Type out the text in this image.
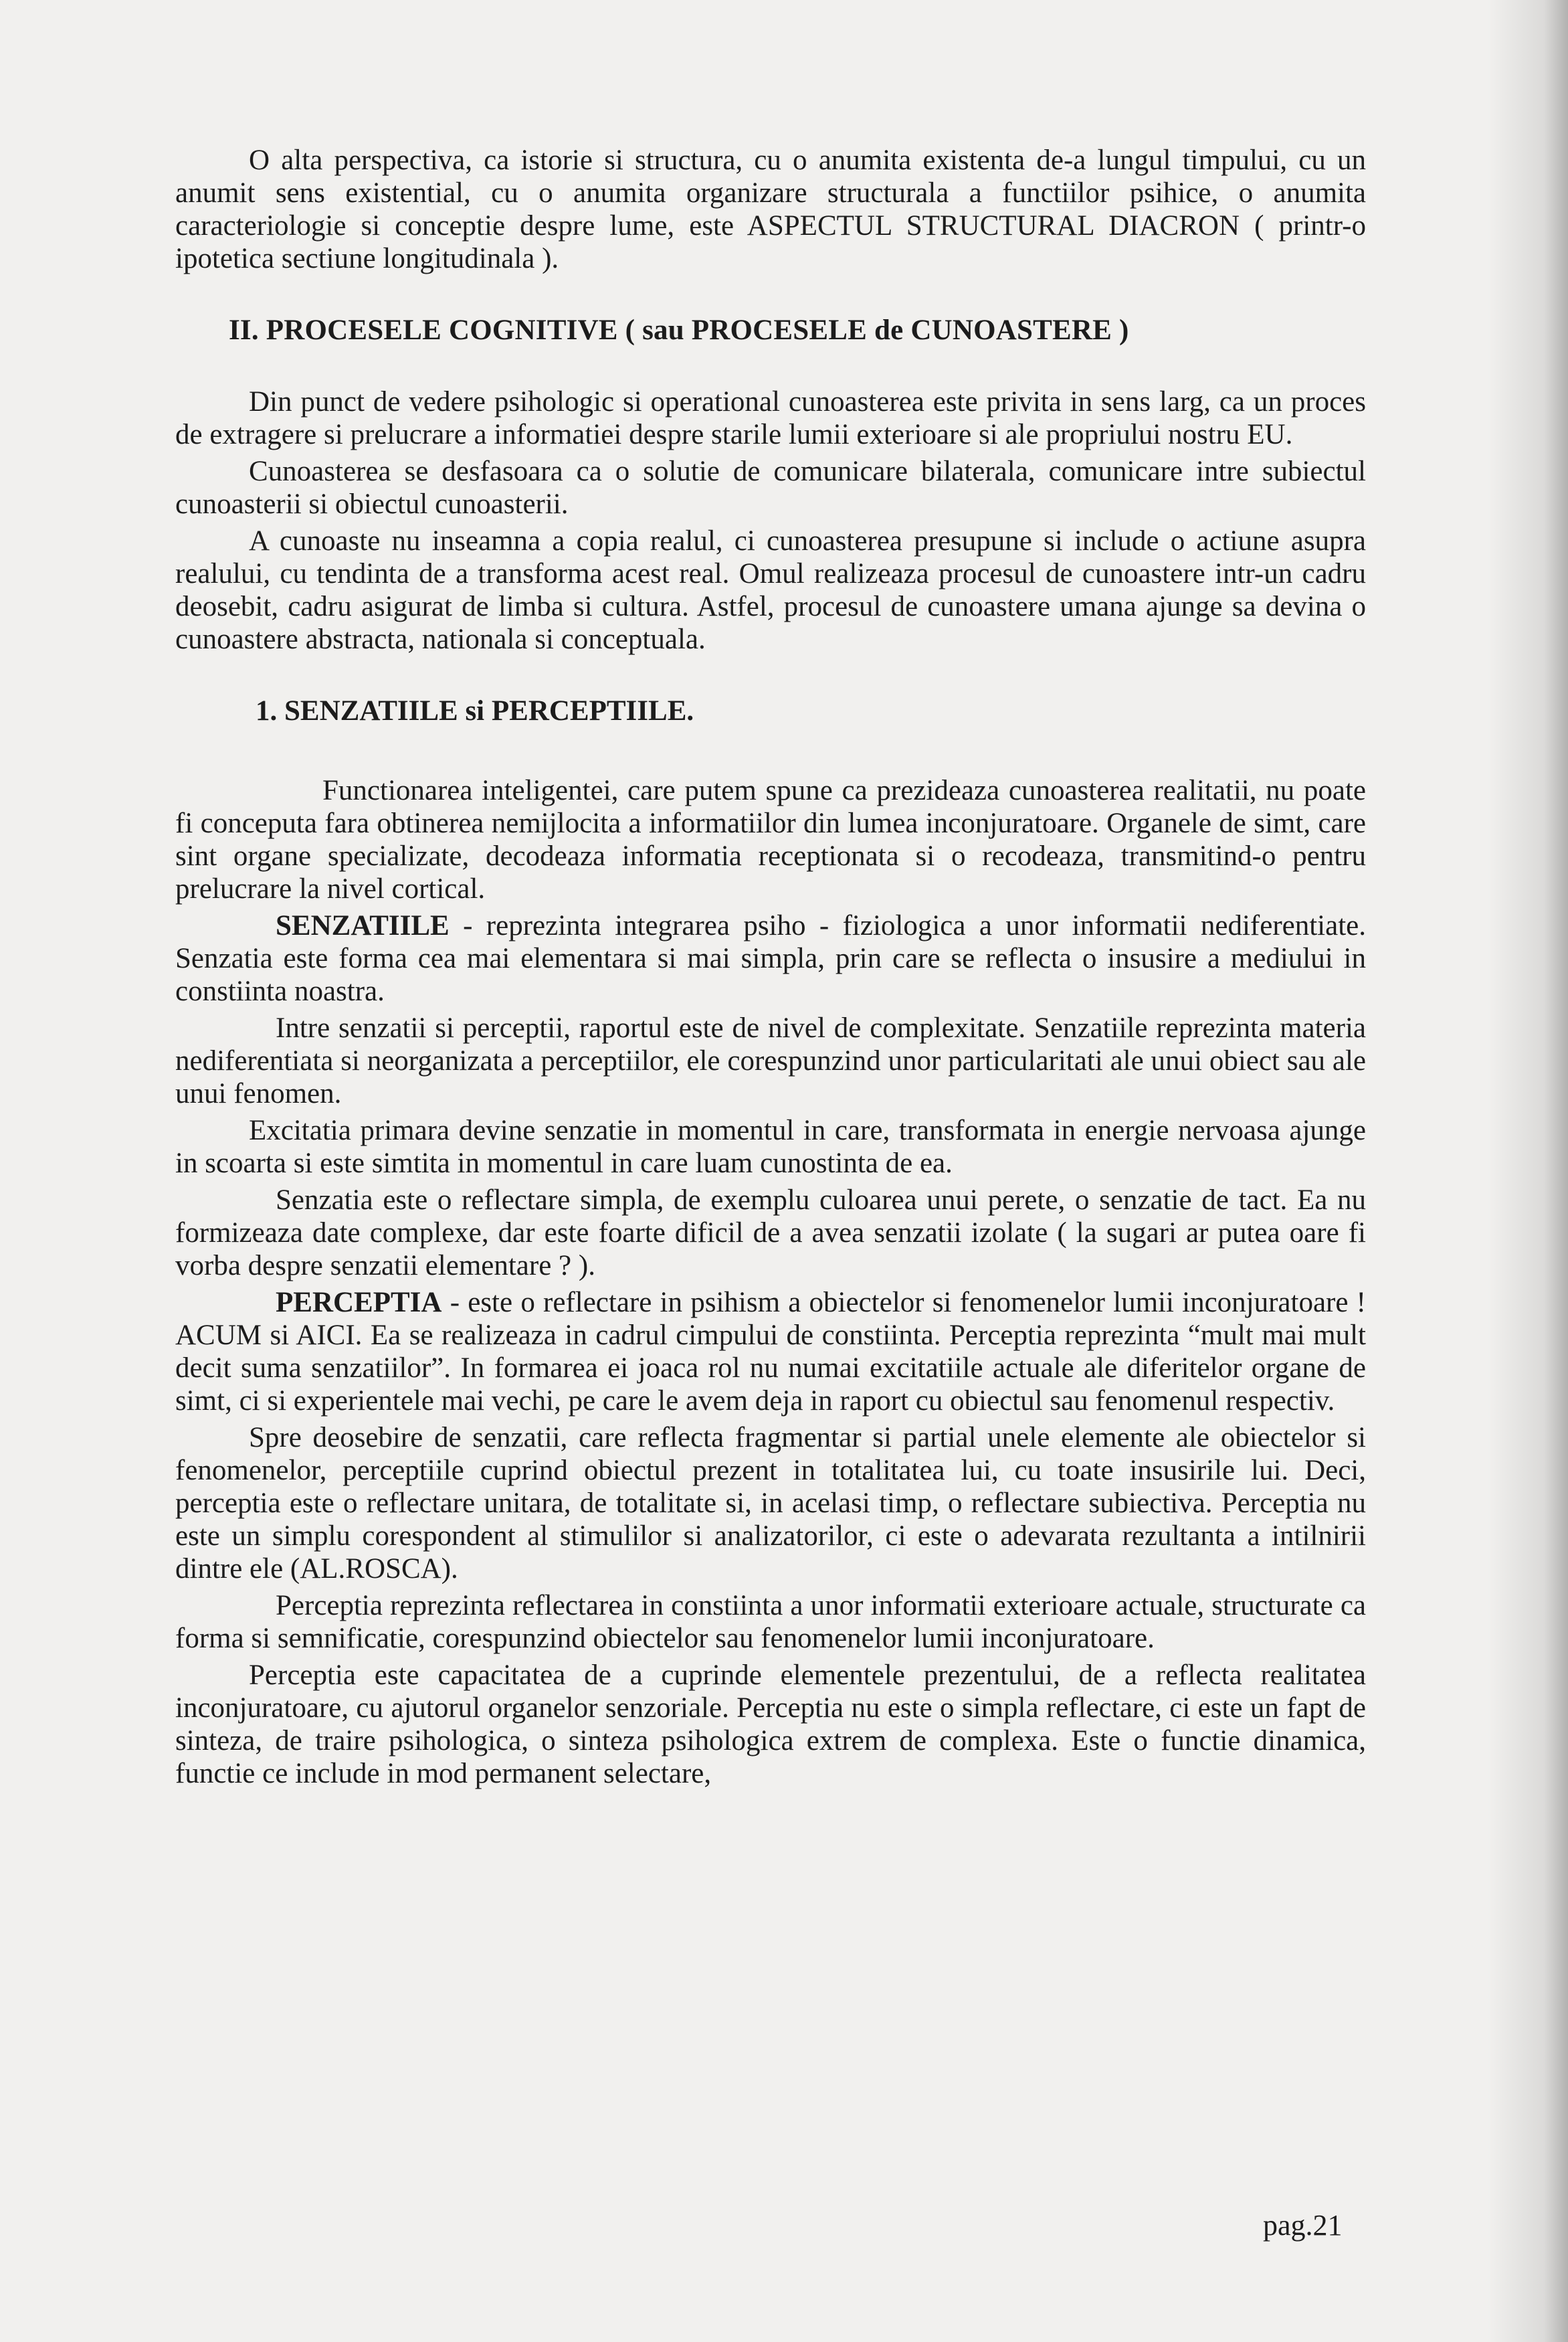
O alta perspectiva, ca istorie si structura, cu o anumita existenta de-a lungul timpului, cu un anumit sens existential, cu o anumita organizare structurala a functiilor psihice, o anumita caracteriologie si conceptie despre lume, este ASPECTUL STRUCTURAL DIACRON ( printr-o ipotetica sectiune longitudinala ).

II. PROCESELE COGNITIVE ( sau PROCESELE de CUNOASTERE )

Din punct de vedere psihologic si operational cunoasterea este privita in sens larg, ca un proces de extragere si prelucrare a informatiei despre starile lumii exterioare si ale propriului nostru EU.

Cunoasterea se desfasoara ca o solutie de comunicare bilaterala, comunicare intre subiectul cunoasterii si obiectul cunoasterii.

A cunoaste nu inseamna a copia realul, ci cunoasterea presupune si include o actiune asupra realului, cu tendinta de a transforma acest real. Omul realizeaza procesul de cunoastere intr-un cadru deosebit, cadru asigurat de limba si cultura. Astfel, procesul de cunoastere umana ajunge sa devina o cunoastere abstracta, nationala si conceptuala.

1. SENZATIILE si PERCEPTIILE.

Functionarea inteligentei, care putem spune ca prezideaza cunoasterea realitatii, nu poate fi conceputa fara obtinerea nemijlocita a informatiilor din lumea inconjuratoare. Organele de simt, care sint organe specializate, decodeaza informatia receptionata si o recodeaza, transmitind-o pentru prelucrare la nivel cortical.

SENZATIILE - reprezinta integrarea psiho - fiziologica a unor informatii nediferentiate. Senzatia este forma cea mai elementara si mai simpla, prin care se reflecta o insusire a mediului in constiinta noastra.

Intre senzatii si perceptii, raportul este de nivel de complexitate. Senzatiile reprezinta materia nediferentiata si neorganizata a perceptiilor, ele corespunzind unor particularitati ale unui obiect sau ale unui fenomen.

Excitatia primara devine senzatie in momentul in care, transformata in energie nervoasa ajunge in scoarta si este simtita in momentul in care luam cunostinta de ea.

Senzatia este o reflectare simpla, de exemplu culoarea unui perete, o senzatie de tact. Ea nu formizeaza date complexe, dar este foarte dificil de a avea senzatii izolate ( la sugari ar putea oare fi vorba despre senzatii elementare ? ).

PERCEPTIA - este o reflectare in psihism a obiectelor si fenomenelor lumii inconjuratoare ! ACUM si AICI. Ea se realizeaza in cadrul cimpului de constiinta. Perceptia reprezinta “mult mai mult decit suma senzatiilor”. In formarea ei joaca rol nu numai excitatiile actuale ale diferitelor organe de simt, ci si experientele mai vechi, pe care le avem deja in raport cu obiectul sau fenomenul respectiv.

Spre deosebire de senzatii, care reflecta fragmentar si partial unele elemente ale obiectelor si fenomenelor, perceptiile cuprind obiectul prezent in totalitatea lui, cu toate insusirile lui. Deci, perceptia este o reflectare unitara, de totalitate si, in acelasi timp, o reflectare subiectiva. Perceptia nu este un simplu corespondent al stimulilor si analizatorilor, ci este o adevarata rezultanta a intilnirii dintre ele (AL.ROSCA).

Perceptia reprezinta reflectarea in constiinta a unor informatii exterioare actuale, structurate ca forma si semnificatie, corespunzind obiectelor sau fenomenelor lumii inconjuratoare.

Perceptia este capacitatea de a cuprinde elementele prezentului, de a reflecta realitatea inconjuratoare, cu ajutorul organelor senzoriale. Perceptia nu este o simpla reflectare, ci este un fapt de sinteza, de traire psihologica, o sinteza psihologica extrem de complexa. Este o functie dinamica, functie ce include in mod permanent selectare,

pag.21
